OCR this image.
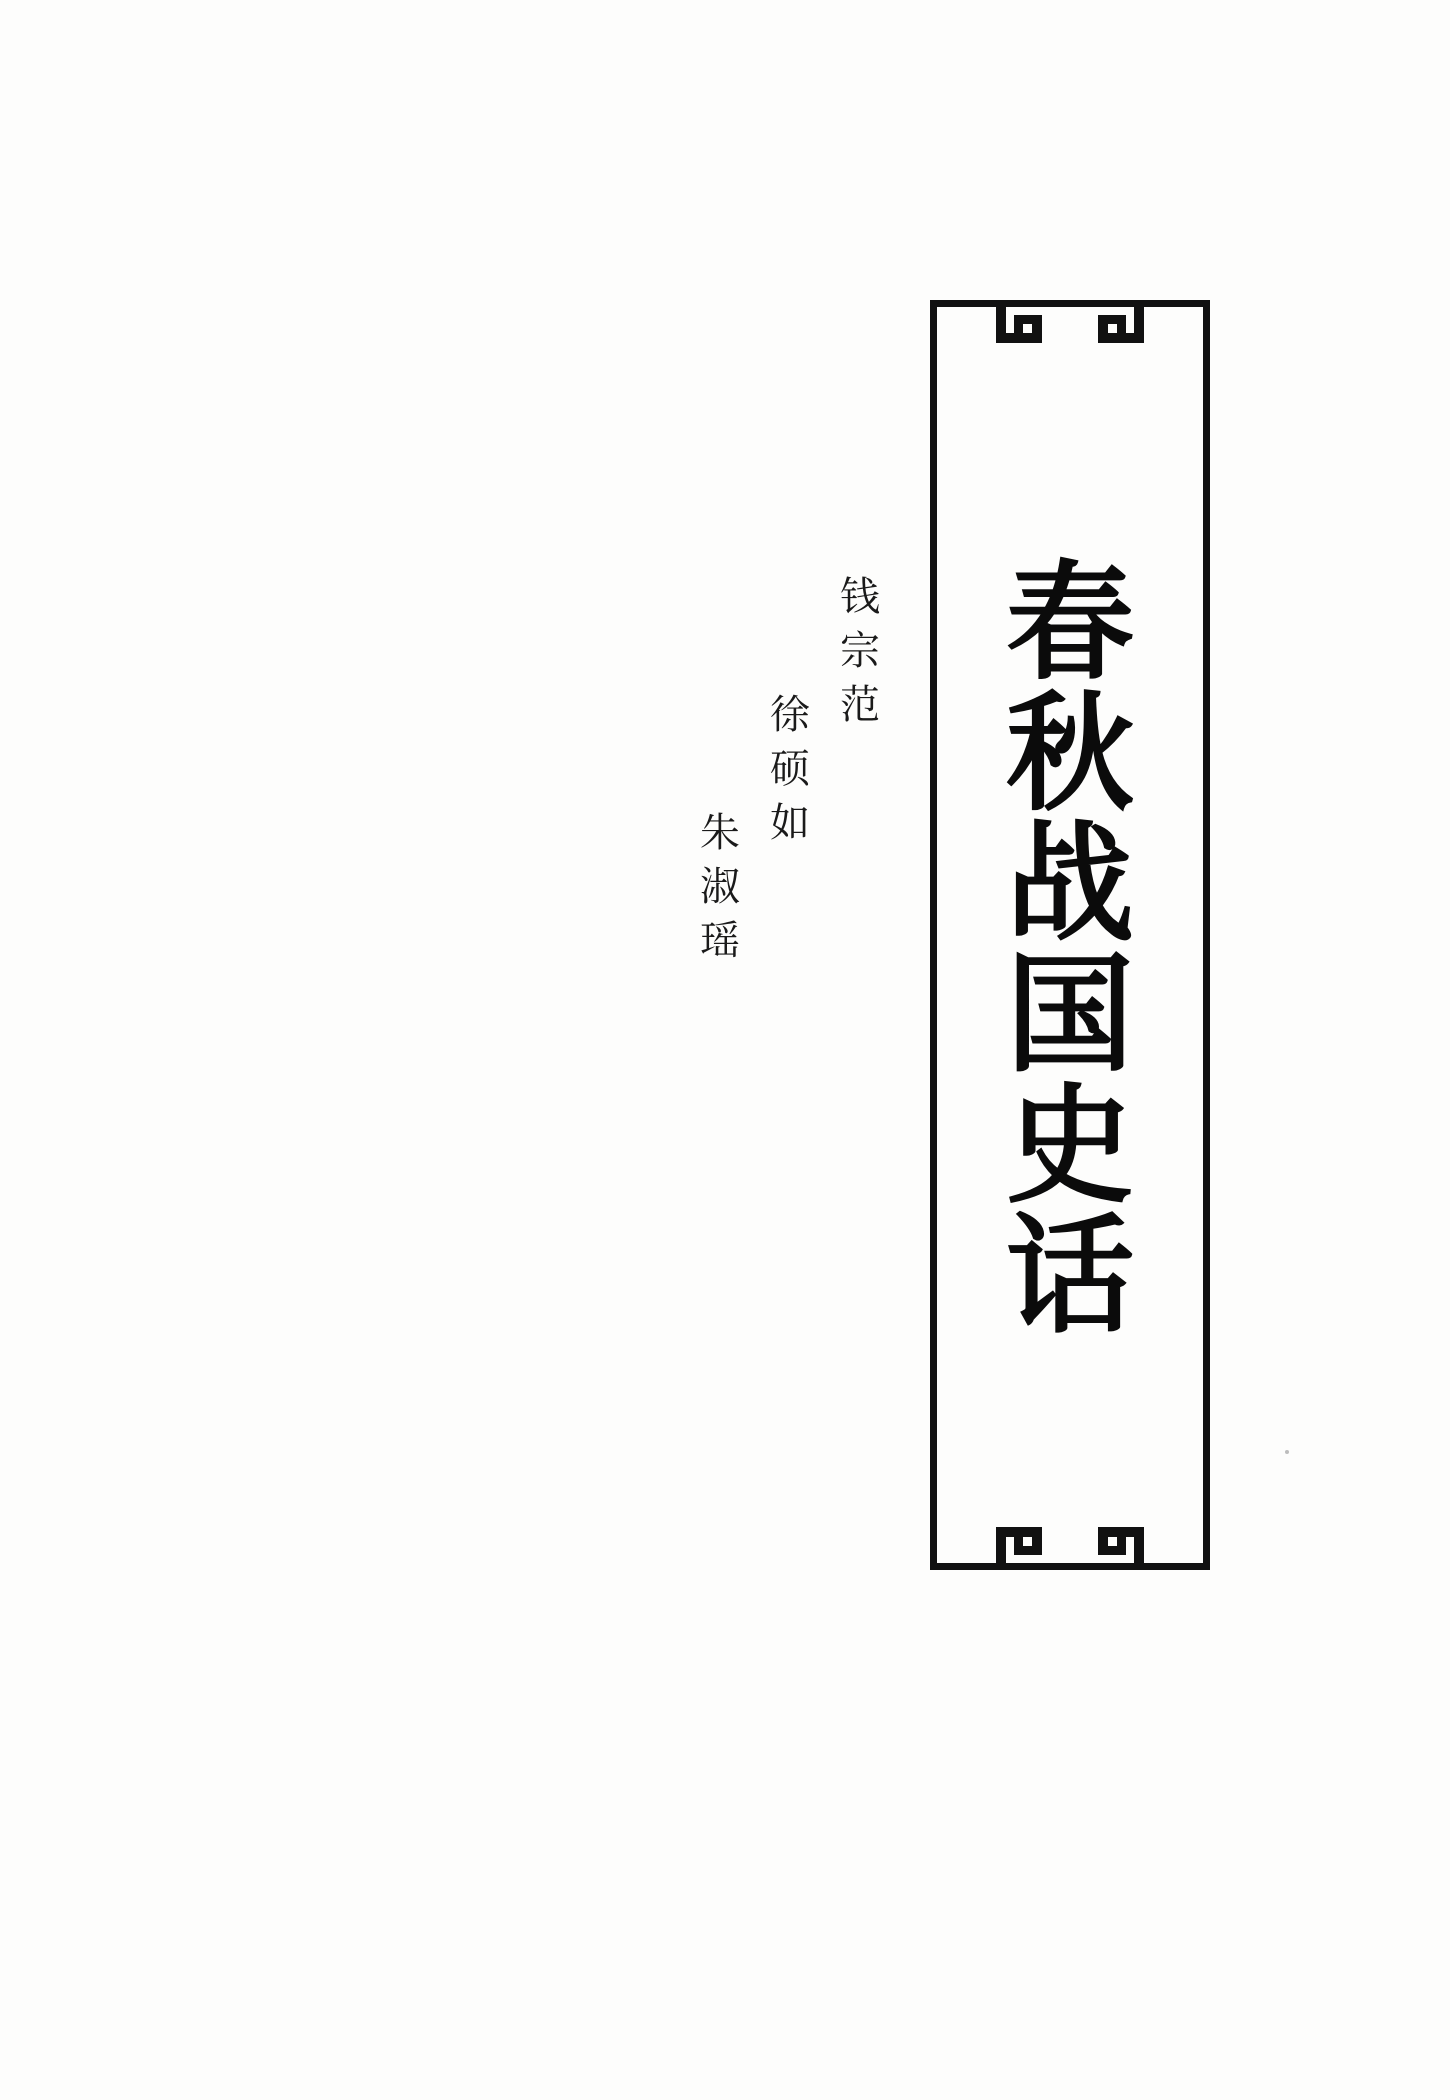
春
秋
战
国
史
话
钱
宗
范
徐
硕
如
朱
淑
瑶
